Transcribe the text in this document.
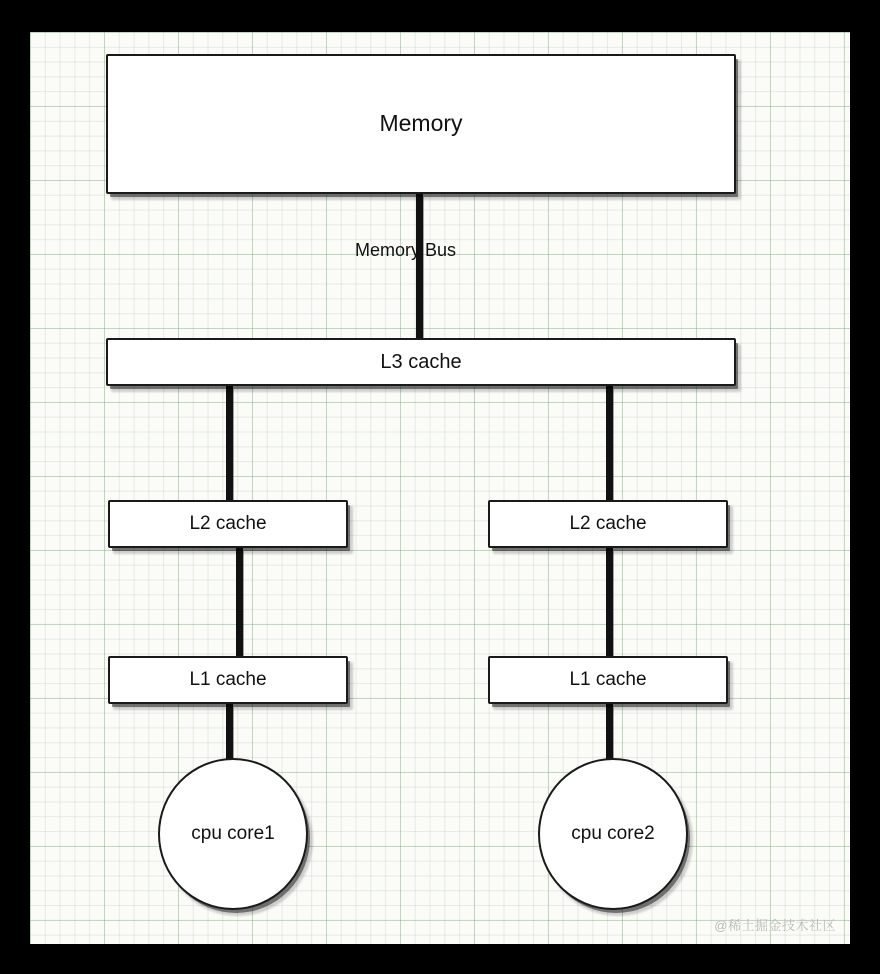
Memory Bus
Memory
L3 cache
L2 cache	L2 cache
L1 cache	L1 cache
cpu core1	cpu core2
@稀土掘金技术社区
